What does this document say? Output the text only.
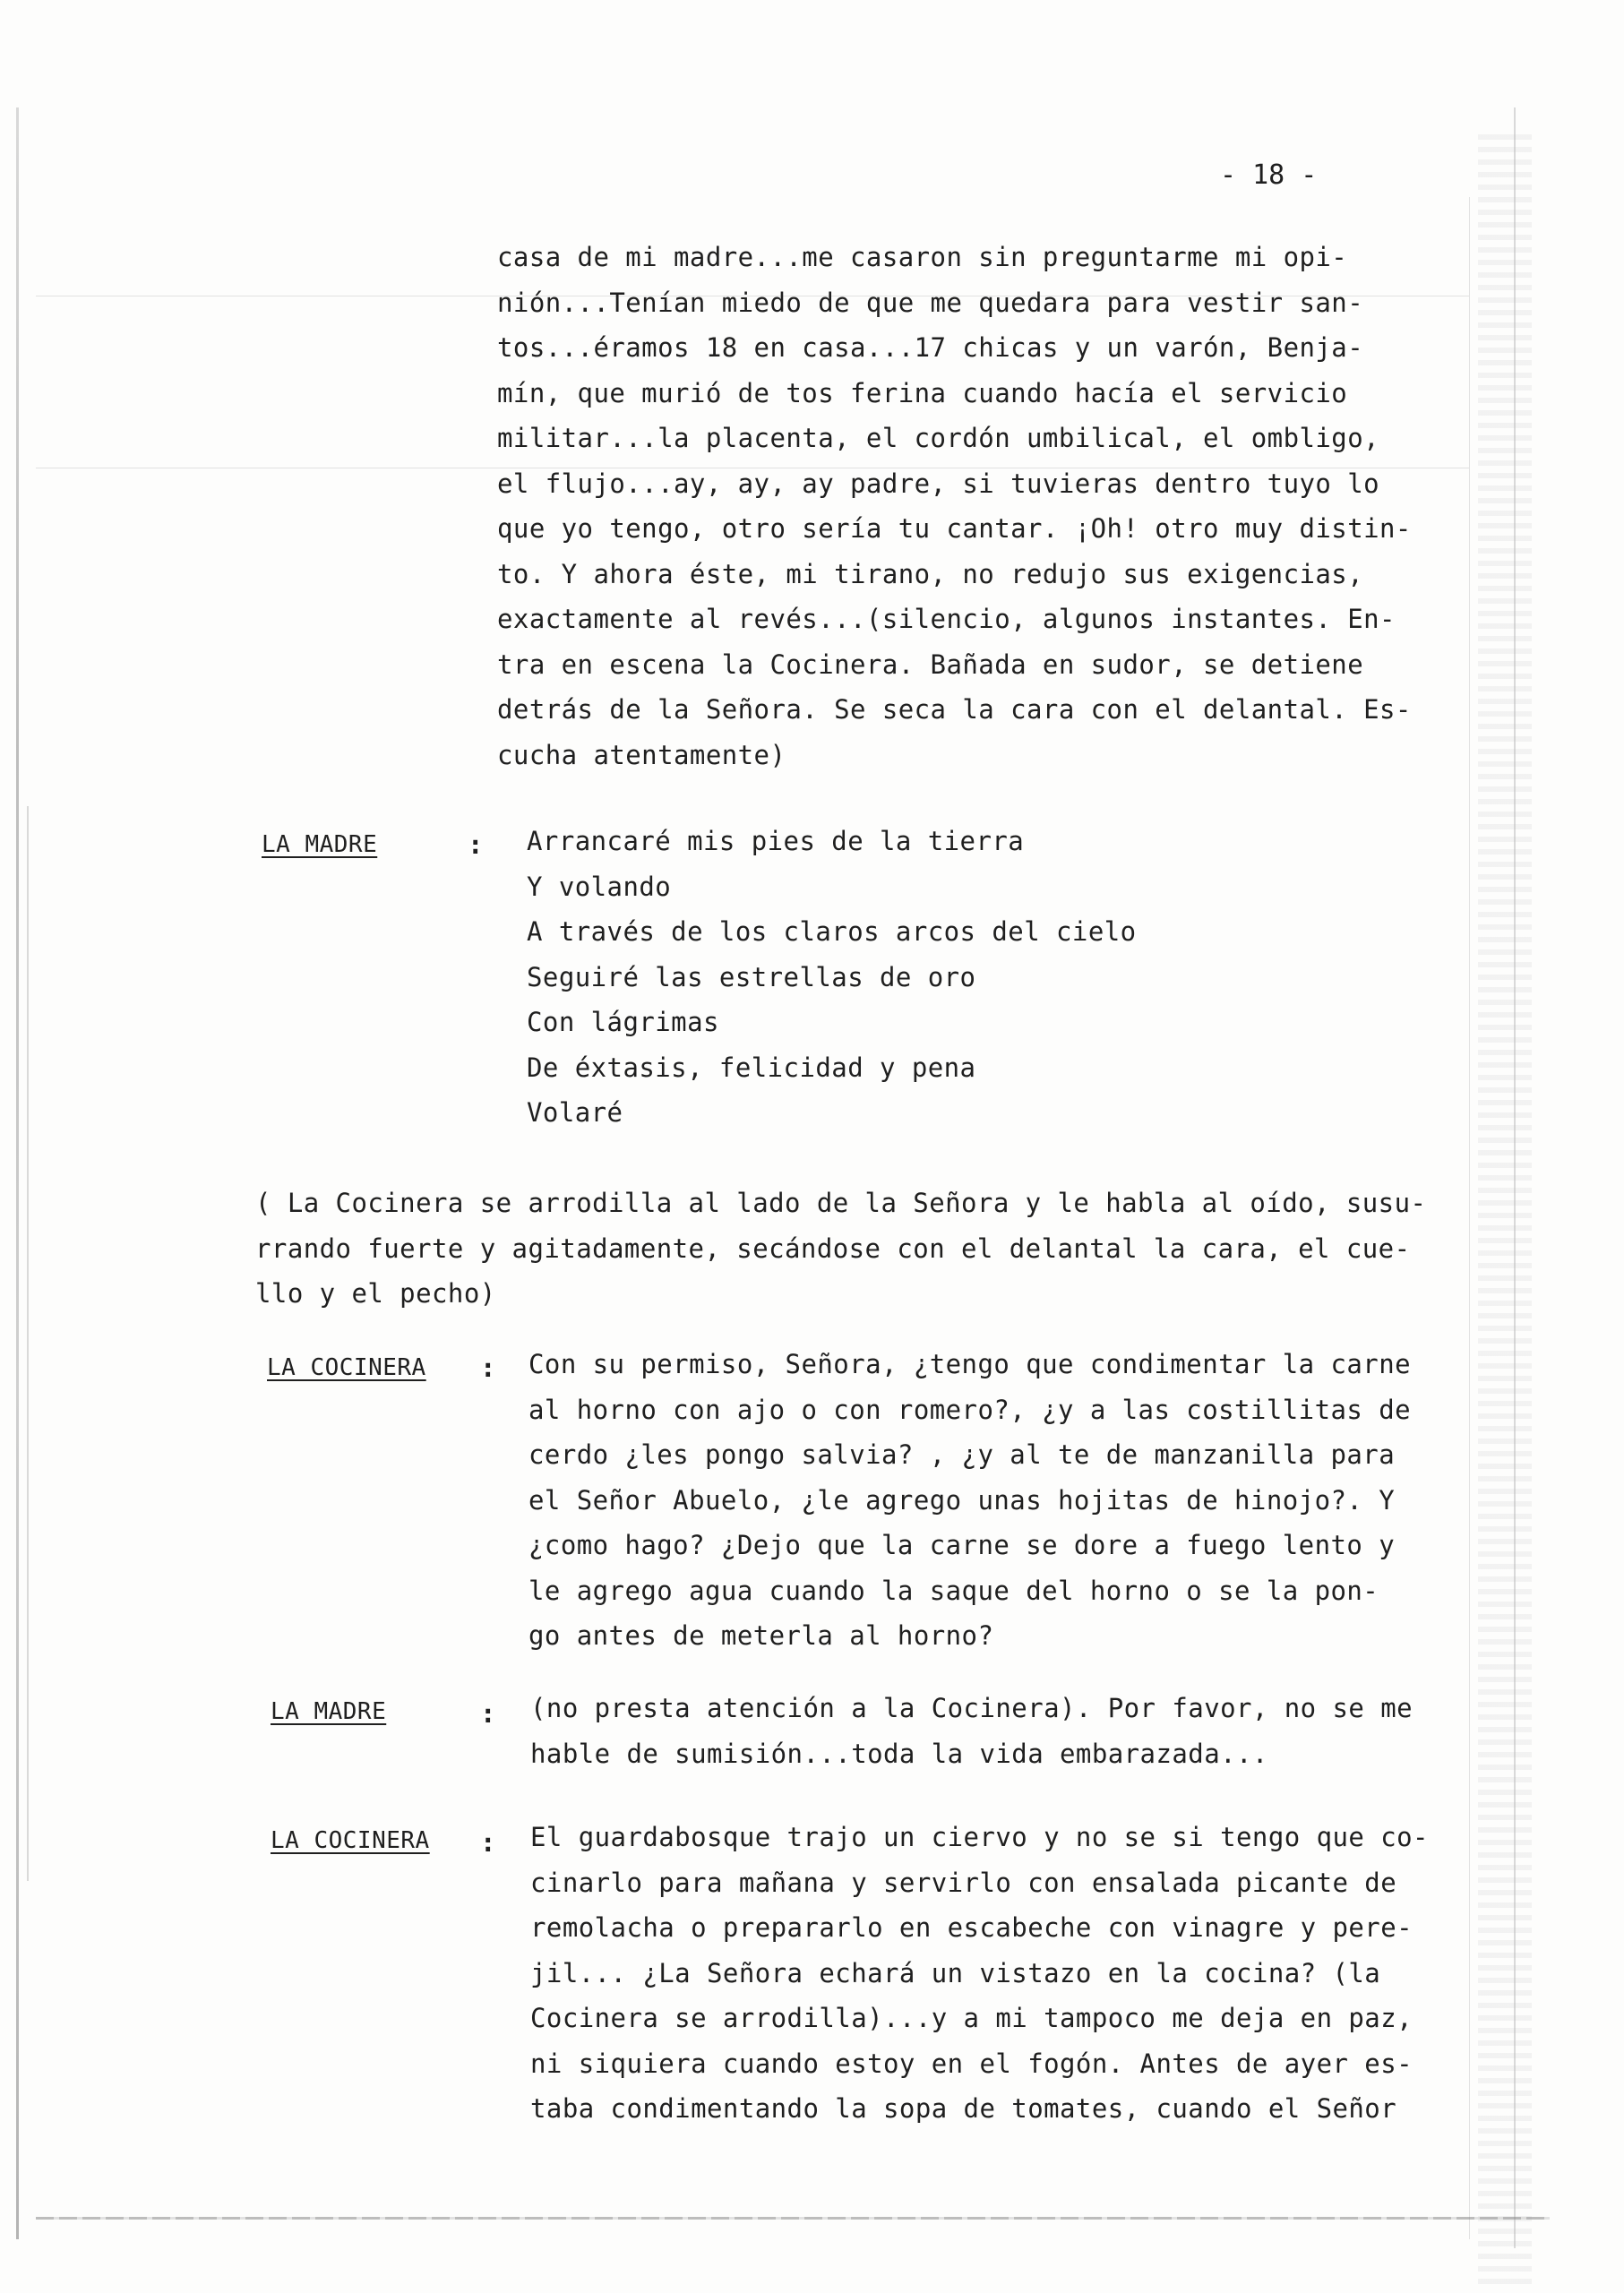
- 18 -
casa de mi madre...me casaron sin preguntarme mi opi-
nión...Tenían miedo de que me quedara para vestir san-
tos...éramos 18 en casa...17 chicas y un varón, Benja-
mín, que murió de tos ferina cuando hacía el servicio
militar...la placenta, el cordón umbilical, el ombligo,
el flujo...ay, ay, ay padre, si tuvieras dentro tuyo lo
que yo tengo, otro sería tu cantar. ¡Oh! otro muy distin-
to. Y ahora éste, mi tirano, no redujo sus exigencias,
exactamente al revés...(silencio, algunos instantes. En-
tra en escena la Cocinera. Bañada en sudor, se detiene
detrás de la Señora. Se seca la cara con el delantal. Es-
cucha atentamente)
LA MADRE	: Arrancaré mis pies de la tierra
Y volando
A través de los claros arcos del cielo
Seguiré las estrellas de oro
Con lágrimas
De éxtasis, felicidad y pena
Volaré
( La Cocinera se arrodilla al lado de la Señora y le habla al oído, susu-
rrando fuerte y agitadamente, secándose con el delantal la cara, el cue-
llo y el pecho)
LA COCINERA : Con su permiso, Señora, ¿tengo que condimentar la carne
al horno con ajo o con romero?, ¿y a las costillitas de
cerdo ¿les pongo salvia? , ¿y al te de manzanilla para
el Señor Abuelo, ¿le agrego unas hojitas de hinojo?. Y
¿como hago? ¿Dejo que la carne se dore a fuego lento y
le agrego agua cuando la saque del horno o se la pon-
go antes de meterla al horno?
LA MADRE	: (no presta atención a la Cocinera). Por favor, no se me
hable de sumisión...toda la vida embarazada...
LA COCINERA : El guardabosque trajo un ciervo y no se si tengo que co-
cinarlo para mañana y servirlo con ensalada picante de
remolacha o prepararlo en escabeche con vinagre y pere-
jil... ¿La Señora echará un vistazo en la cocina? (la
Cocinera se arrodilla)...y a mi tampoco me deja en paz,
ni siquiera cuando estoy en el fogón. Antes de ayer es-
taba condimentando la sopa de tomates, cuando el Señor
